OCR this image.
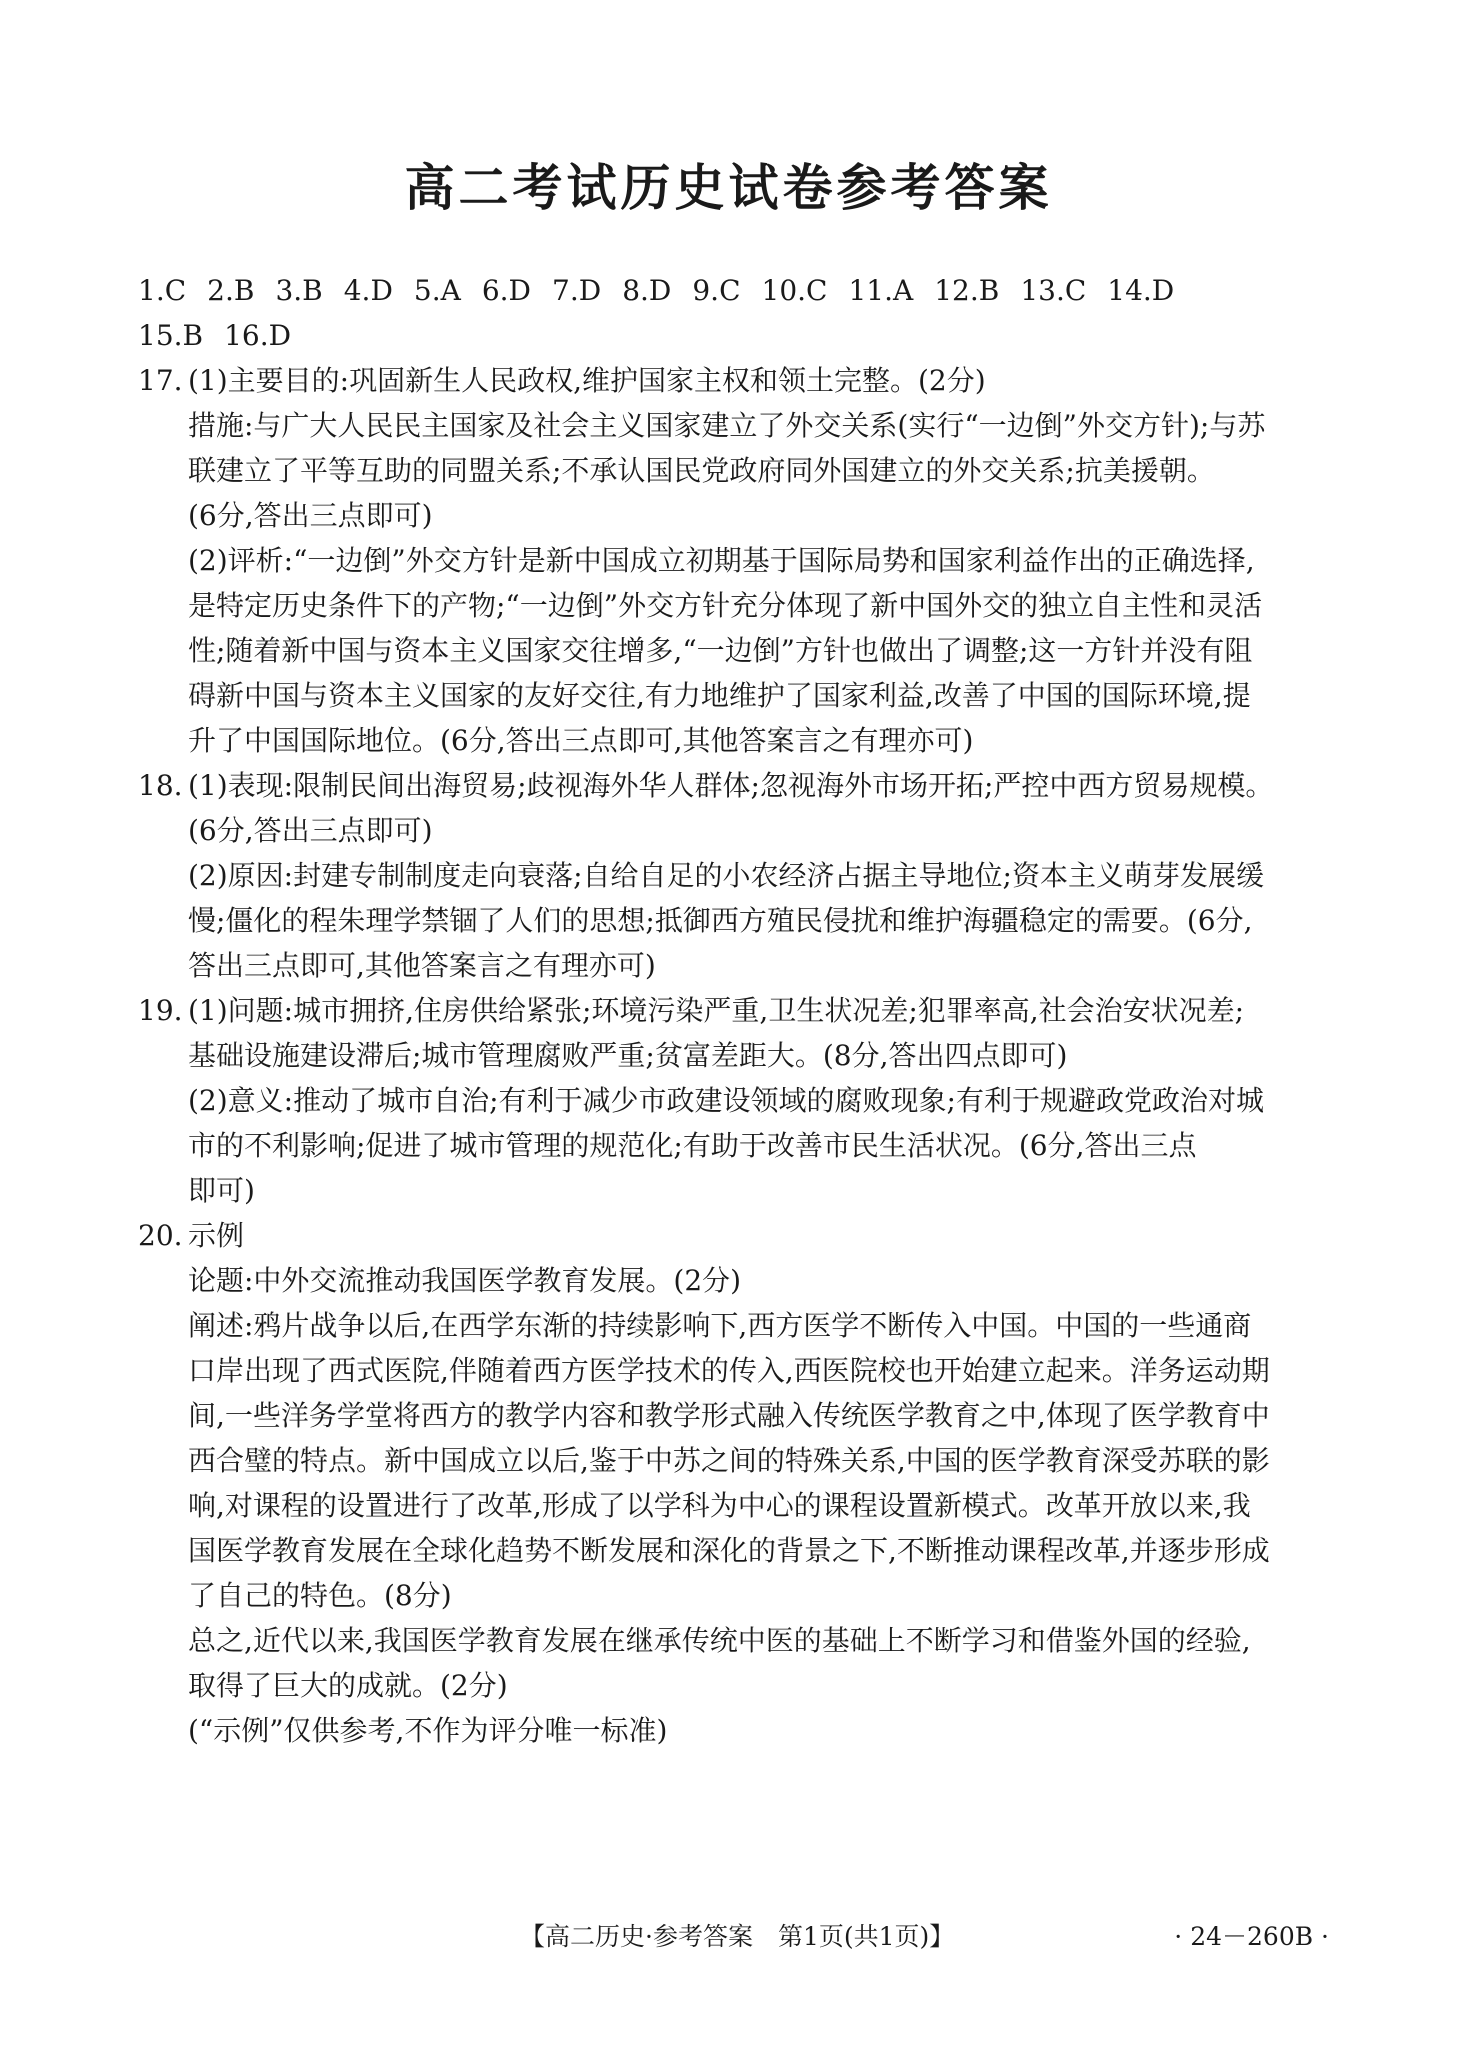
高二考试历史试卷参考答案
1.C 2.B 3.B 4.D 5.A 6.D 7.D 8.D 9.C 10.C 11.A 12.B 13.C 14.D
15.B 16.D
17. (1)主要目的:巩固新生人民政权,维护国家主权和领土完整。(2分)
措施:与广大人民民主国家及社会主义国家建立了外交关系(实行“一边倒”外交方针);与苏
联建立了平等互助的同盟关系;不承认国民党政府同外国建立的外交关系;抗美援朝。
(6分,答出三点即可)
(2)评析:“一边倒”外交方针是新中国成立初期基于国际局势和国家利益作出的正确选择,
是特定历史条件下的产物;“一边倒”外交方针充分体现了新中国外交的独立自主性和灵活
性;随着新中国与资本主义国家交往增多,“一边倒”方针也做出了调整;这一方针并没有阻
碍新中国与资本主义国家的友好交往,有力地维护了国家利益,改善了中国的国际环境,提
升了中国国际地位。(6分,答出三点即可,其他答案言之有理亦可)
18. (1)表现:限制民间出海贸易;歧视海外华人群体;忽视海外市场开拓;严控中西方贸易规模。
(6分,答出三点即可)
(2)原因:封建专制制度走向衰落;自给自足的小农经济占据主导地位;资本主义萌芽发展缓
慢;僵化的程朱理学禁锢了人们的思想;抵御西方殖民侵扰和维护海疆稳定的需要。(6分,
答出三点即可,其他答案言之有理亦可)
19. (1)问题:城市拥挤,住房供给紧张;环境污染严重,卫生状况差;犯罪率高,社会治安状况差;
基础设施建设滞后;城市管理腐败严重;贫富差距大。(8分,答出四点即可)
(2)意义:推动了城市自治;有利于减少市政建设领域的腐败现象;有利于规避政党政治对城
市的不利影响;促进了城市管理的规范化;有助于改善市民生活状况。(6分,答出三点
即可)
20. 示例
论题:中外交流推动我国医学教育发展。(2分)
阐述:鸦片战争以后,在西学东渐的持续影响下,西方医学不断传入中国。中国的一些通商
口岸出现了西式医院,伴随着西方医学技术的传入,西医院校也开始建立起来。洋务运动期
间,一些洋务学堂将西方的教学内容和教学形式融入传统医学教育之中,体现了医学教育中
西合璧的特点。新中国成立以后,鉴于中苏之间的特殊关系,中国的医学教育深受苏联的影
响,对课程的设置进行了改革,形成了以学科为中心的课程设置新模式。改革开放以来,我
国医学教育发展在全球化趋势不断发展和深化的背景之下,不断推动课程改革,并逐步形成
了自己的特色。(8分)
总之,近代以来,我国医学教育发展在继承传统中医的基础上不断学习和借鉴外国的经验,
取得了巨大的成就。(2分)
(“示例”仅供参考,不作为评分唯一标准)
【高二历史·参考答案　第1页(共1页)】	· 24－260B ·
